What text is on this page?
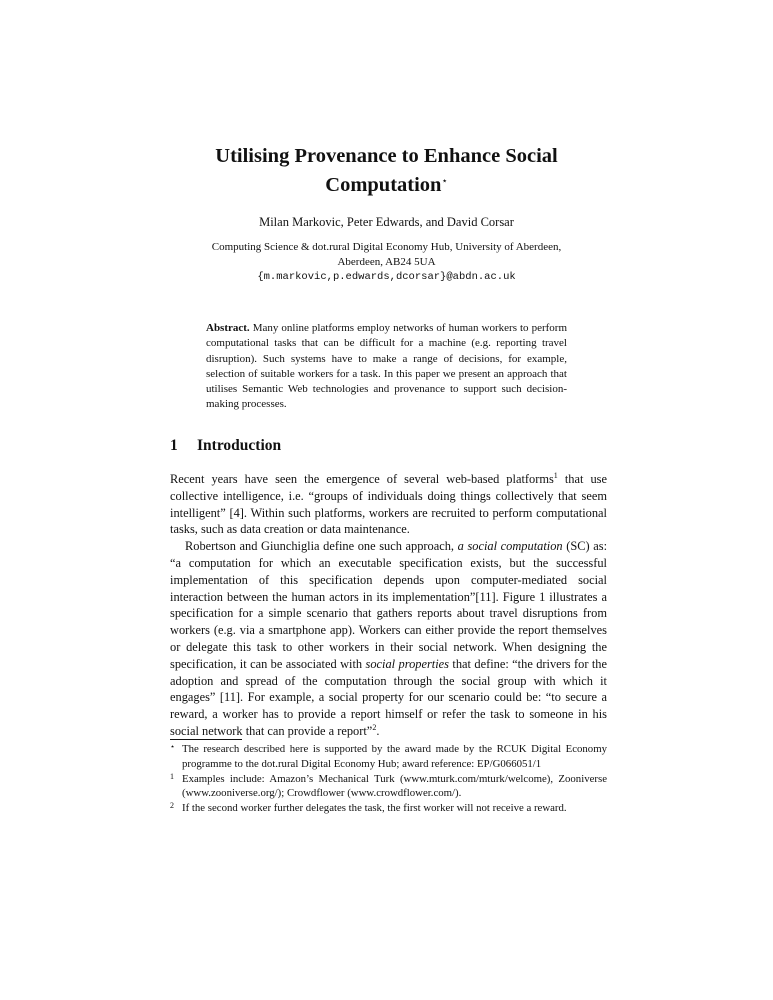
Utilising Provenance to Enhance Social
Computation⋆
Milan Markovic, Peter Edwards, and David Corsar
Computing Science & dot.rural Digital Economy Hub, University of Aberdeen,
Aberdeen, AB24 5UA
{m.markovic,p.edwards,dcorsar}@abdn.ac.uk
Abstract. Many online platforms employ networks of human workers to perform computational tasks that can be difficult for a machine (e.g. reporting travel disruption). Such systems have to make a range of decisions, for example, selection of suitable workers for a task. In this paper we present an approach that utilises Semantic Web technologies and provenance to support such decision-making processes.
1 Introduction

Recent years have seen the emergence of several web-based platforms$^1$ that use collective intelligence, i.e. “groups of individuals doing things collectively that seem intelligent” [4]. Within such platforms, workers are recruited to perform computational tasks, such as data creation or data maintenance.

Robertson and Giunchiglia define one such approach, a social computation (SC) as: “a computation for which an executable specification exists, but the successful implementation of this specification depends upon computer-mediated social interaction between the human actors in its implementation”[11]. Figure 1 illustrates a specification for a simple scenario that gathers reports about travel disruptions from workers (e.g. via a smartphone app). Workers can either provide the report themselves or delegate this task to other workers in their social network. When designing the specification, it can be associated with social properties that define: “the drivers for the adoption and spread of the computation through the social group with which it engages” [11]. For example, a social property for our scenario could be: “to secure a reward, a worker has to provide a report himself or refer the task to someone in his social network that can provide a report”$^2$.

⋆ The research described here is supported by the award made by the RCUK Digital Economy programme to the dot.rural Digital Economy Hub; award reference: EP/G066051/1
1 Examples include: Amazon’s Mechanical Turk (www.mturk.com/mturk/welcome), Zooniverse (www.zooniverse.org/); Crowdflower (www.crowdflower.com/).
2 If the second worker further delegates the task, the first worker will not receive a reward.
